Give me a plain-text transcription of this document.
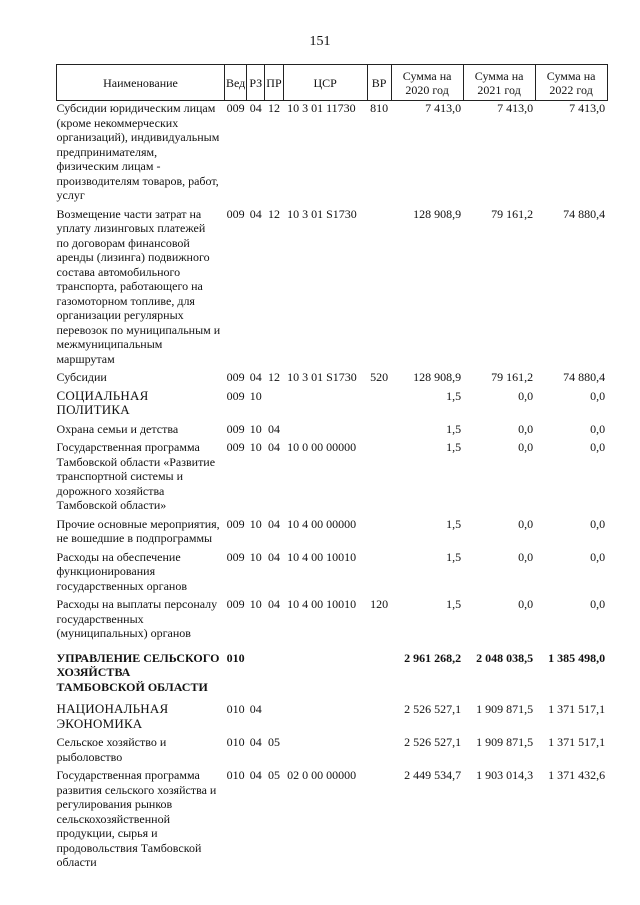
151
Наименование	Вед	РЗ	ПР	ЦСР	ВР	Сумма на 2020 год	Сумма на 2021 год	Сумма на 2022 год
Субсидии юридическим лицам (кроме некоммерческих организаций), индивидуальным предпринимателям, физическим лицам - производителям товаров, работ, услуг	009	04	12	10 3 01 11730	810	7 413,0	7 413,0	7 413,0
Возмещение части затрат на уплату лизинговых платежей по договорам финансовой аренды (лизинга) подвижного состава автомобильного транспорта, работающего на газомоторном топливе, для организации регулярных перевозок по муниципальным и межмуниципальным маршрутам	009	04	12	10 3 01 S1730		128 908,9	79 161,2	74 880,4
Субсидии	009	04	12	10 3 01 S1730	520	128 908,9	79 161,2	74 880,4
СОЦИАЛЬНАЯ ПОЛИТИКА	009	10				1,5	0,0	0,0
Охрана семьи и детства	009	10	04			1,5	0,0	0,0
Государственная программа Тамбовской области «Развитие транспортной системы и дорожного хозяйства Тамбовской области»	009	10	04	10 0 00 00000		1,5	0,0	0,0
Прочие основные мероприятия, не вошедшие в подпрограммы	009	10	04	10 4 00 00000		1,5	0,0	0,0
Расходы на обеспечение функционирования государственных органов	009	10	04	10 4 00 10010		1,5	0,0	0,0
Расходы на выплаты персоналу государственных (муниципальных) органов	009	10	04	10 4 00 10010	120	1,5	0,0	0,0
УПРАВЛЕНИЕ СЕЛЬСКОГО ХОЗЯЙСТВА ТАМБОВСКОЙ ОБЛАСТИ	010					2 961 268,2	2 048 038,5	1 385 498,0
НАЦИОНАЛЬНАЯ ЭКОНОМИКА	010	04				2 526 527,1	1 909 871,5	1 371 517,1
Сельское хозяйство и рыболовство	010	04	05			2 526 527,1	1 909 871,5	1 371 517,1
Государственная программа развития сельского хозяйства и регулирования рынков сельскохозяйственной продукции, сырья и продовольствия Тамбовской области	010	04	05	02 0 00 00000		2 449 534,7	1 903 014,3	1 371 432,6
